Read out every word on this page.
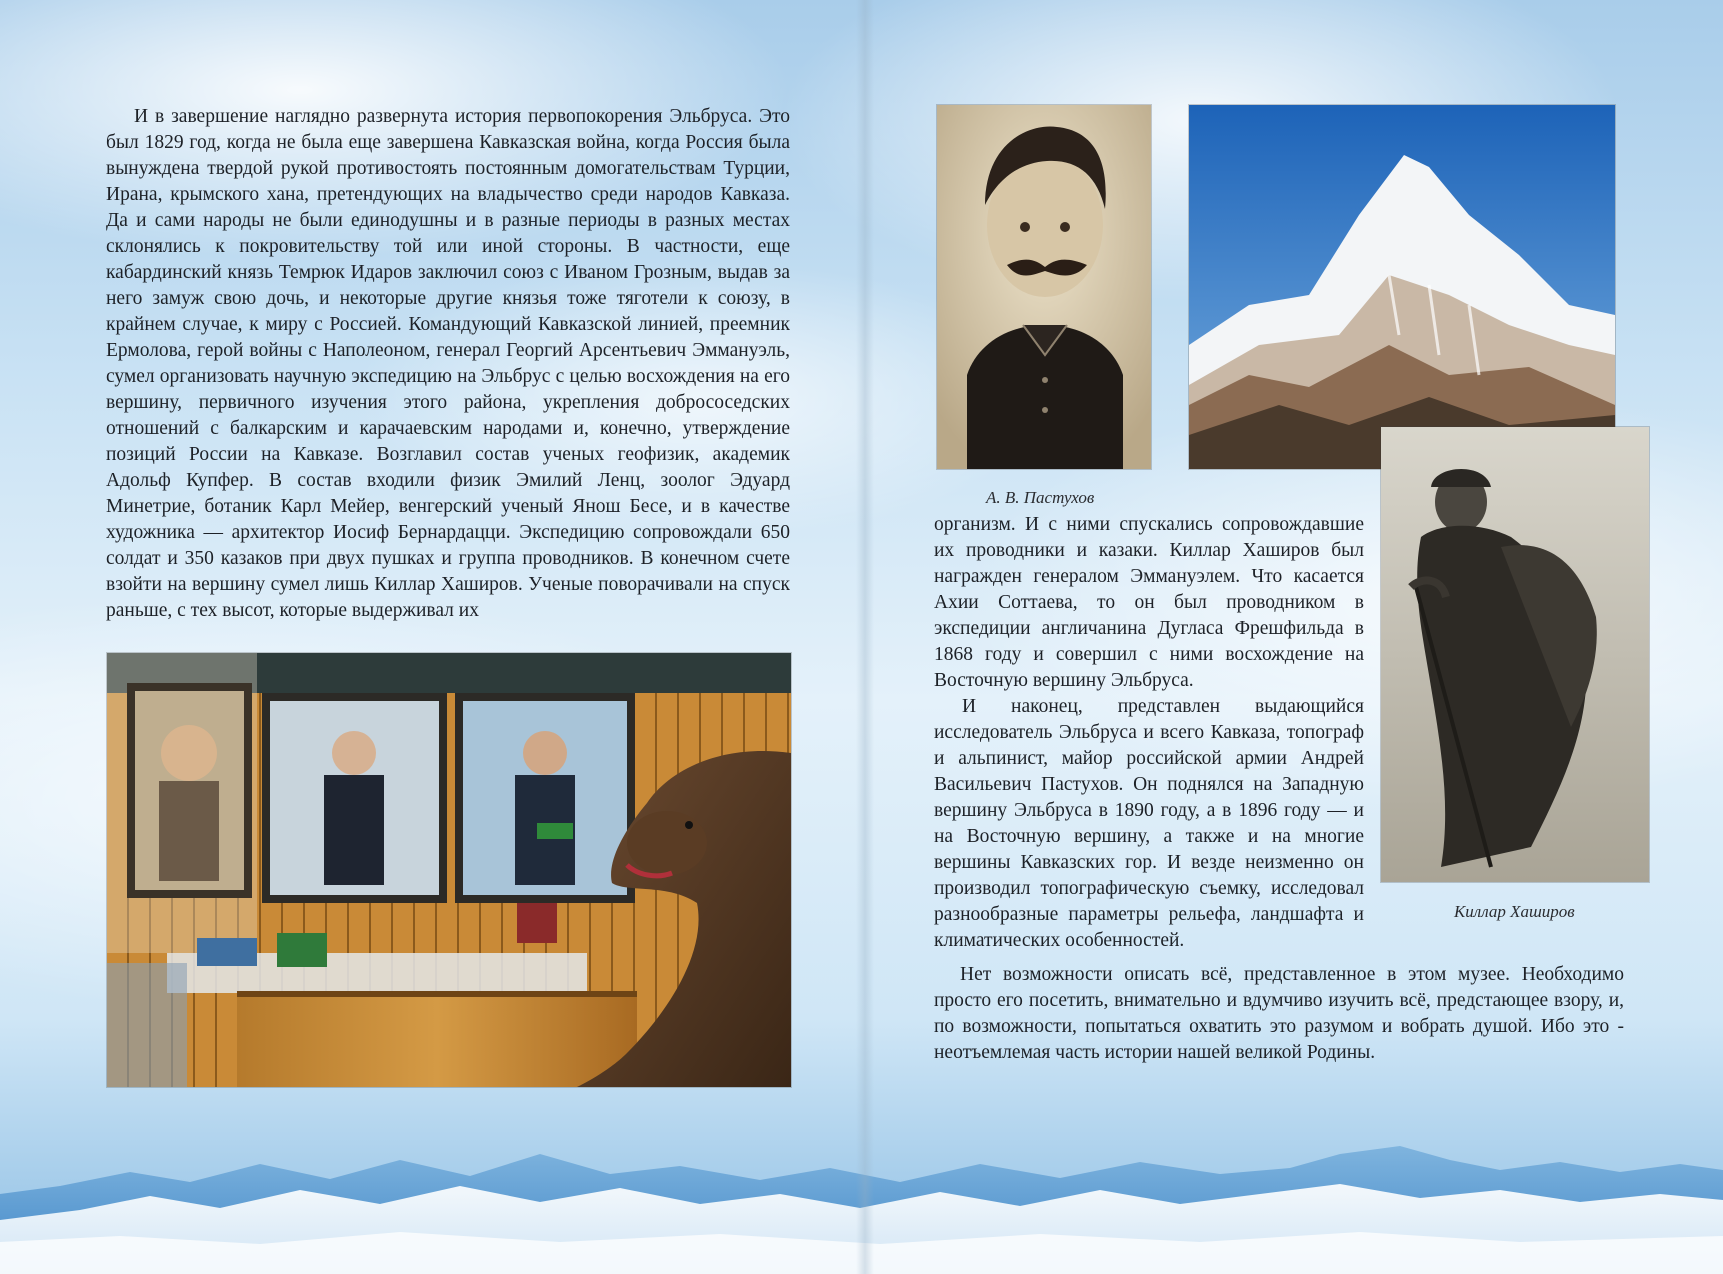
И в завершение наглядно развернута история первопокорения Эльбруса. Это был 1829 год, когда не была еще завершена Кавказская война, когда Россия была вынуждена твердой рукой противостоять постоянным домогательствам Турции, Ирана, крымского хана, претендующих на владычество среди народов Кавказа. Да и сами народы не были единодушны и в разные периоды в разных местах склонялись к покровительству той или иной стороны. В частности, еще кабардинский князь Темрюк Идаров заключил союз с Иваном Грозным, выдав за него замуж свою дочь, и некоторые другие князья тоже тяготели к союзу, в крайнем случае, к миру с Россией. Командующий Кавказской линией, преемник Ермолова, герой войны с Наполеоном, генерал Георгий Арсентьевич Эммануэль, сумел организовать научную экспедицию на Эльбрус с целью восхождения на его вершину, первичного изучения этого района, укрепления добрососедских отношений с балкарским и карачаевским народами и, конечно, утверждение позиций России на Кавказе. Возглавил состав ученых геофизик, академик Адольф Купфер. В состав входили физик Эмилий Ленц, зоолог Эдуард Минетрие, ботаник Карл Мейер, венгерский ученый Янош Бесе, и в качестве художника — архитектор Иосиф Бернардацци. Экспедицию сопровождали 650 солдат и 350 казаков при двух пушках и группа проводников. В конечном счете взойти на вершину сумел лишь Киллар Хаширов. Ученые поворачивали на спуск раньше, с тех высот, которые выдерживал их

А. В. Пастухов
Киллар Хаширов

организм. И с ними спускались сопровождавшие их проводники и казаки. Киллар Хаширов был награжден генералом Эммануэлем. Что касается Ахии Соттаева, то он был проводником в экспедиции англичанина Дугласа Фрешфильда в 1868 году и совершил с ними восхождение на Восточную вершину Эльбруса.

И наконец, представлен выдающийся исследователь Эльбруса и всего Кавказа, топограф и альпинист, майор российской армии Андрей Васильевич Пастухов. Он поднялся на Западную вершину Эльбруса в 1890 году, а в 1896 году — и на Восточную вершину, а также и на многие вершины Кавказских гор. И везде неизменно он производил топографическую съемку, исследовал разнообразные параметры рельефа, ландшафта и климатических особенностей.

Нет возможности описать всё, представленное в этом музее. Необходимо просто его посетить, внимательно и вдумчиво изучить всё, предстающее взору, и, по возможности, попытаться охватить это разумом и вобрать душой. Ибо это - неотъемлемая часть истории нашей великой Родины.
